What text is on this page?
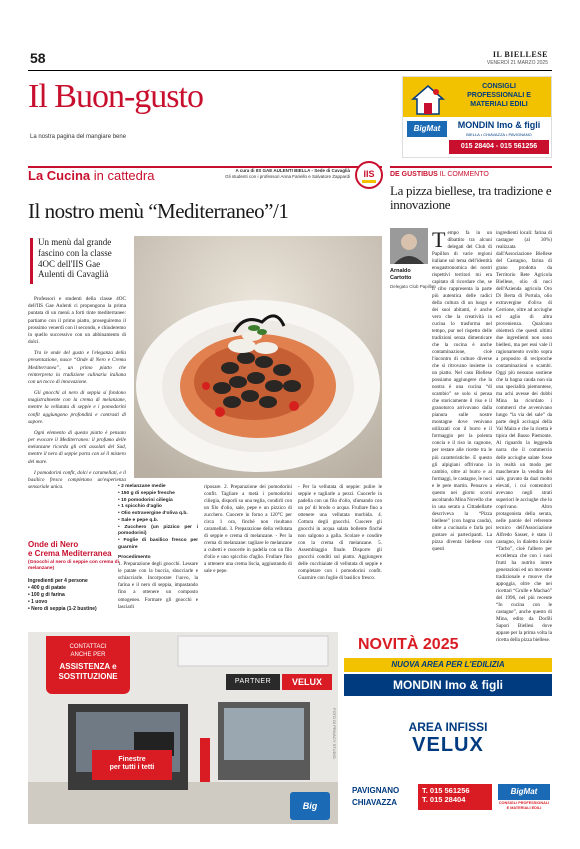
58	IL BIELLESE
VENERDÌ 21 MARZO 2025
Il Buon-gusto
La nostra pagina del mangiare bene
CONSIGLI
PROFESSIONALI E
MATERIALI EDILI
BigMat	MONDIN Imo & figli
BIELLA • CHIAVAZZA • PAVIGNANO
015 28404 - 015 561256
La Cucina in cattedra	A cura di IIS GAE AULENTI BIELLA - Sede di Cavaglià
Gli studenti con i professori Anna Fariello e Salvatore Zappardi IIS
Il nostro menù “Mediterraneo”/1
Un menù dal grande fascino con la classe 4OC dell'IIS Gae Aulenti di Cavaglià

Professori e studenti della classe 4OC dell'IIS Gae Aulenti ci propongono la prima puntata di un menù a forti tinte mediterranee: partiamo con il primo piatto, proseguiremo il prossimo venerdì con il secondo, e chiuderemo in quello successivo con un abbinamento di dolci.

Tra le onde del gusto e l'eleganza della presentazione, nasce “Onde di Nero e Crema Mediterranea”, un primo piatto che reinterpreta la tradizione culinaria italiana con un tocco di innovazione.

Gli gnocchi al nero di seppia si fondono magistralmente con la crema di melanzane, mentre la vellutata di seppie e i pomodorini confit aggiungono profondità e contrasti di sapore.

Ogni elemento di questo piatto è pensato per evocare il Mediterraneo: il profumo delle melanzane ricorda gli orti assolati del Sud, mentre il nero di seppie porta con sé il mistero del mare.

I pomodorini confit, dolci e caramellati, e il basilico fresco completano un'esperienza sensoriale unica.

Onde di Nero
e Crema Mediterranea
(Gnocchi al nero di seppie con crema di melanzane)
Ingredienti per 4 persone
• 400 g di patate
• 100 g di farina
• 1 uovo
• Nero di seppia (1-2 bustine)
• 2 melanzane medie
• 150 g di seppie fresche
• 10 pomodorini ciliegia
• 1 spicchio d'aglio
• Olio extravergine d'oliva q.b.
• Sale e pepe q.b.
• Zucchero (un pizzico per i pomodorini)
• Foglie di basilico fresco per guarnire
Procedimento
1. Preparazione degli gnocchi. Lessare le patate con la buccia, sbucciarle e schiacciarle. Incorporare l'uovo, la farina e il nero di seppia, impastando fino a ottenere un composto omogeneo. Formare gli gnocchi e lasciarli
riposare. 2. Preparazione dei pomodorini confit. Tagliare a metà i pomodorini ciliegia, disporli su una teglia, condirli con un filo d'olio, sale, pepe e un pizzico di zucchero. Cuocere in forno a 120°C per circa 1 ora, finché non risultano caramellati. 3. Preparazione della vellutata di seppie e crema di melanzane. - Per la crema di melanzane: tagliare le melanzane a cubetti e cuocerle in padella con un filo d'olio e uno spicchio d'aglio. Frullare fino a ottenere una crema liscia, aggiustando di sale e pepe.
- Per la vellutata di seppie: pulire le seppie e tagliarle a pezzi. Cuocerle in padella con un filo d'olio, sfumando con un po' di brodo o acqua. Frullare fino a ottenere una vellutata morbida. 4. Cottura degli gnocchi. Cuocere gli gnocchi in acqua salata bollente finché non salgono a galla. Scolare e condire con la crema di melanzane. 5. Assemblaggio finale. Disporre gli gnocchi conditi sul piatto. Aggiungere delle cucchiaiate di vellutata di seppie e completare con i pomodorini confit. Guarnire con foglie di basilico fresco.
DE GUSTIBUS IL COMMENTO
La pizza biellese, tra tradizione e innovazione
Arnaldo
Cartotto
Delegato Club Papillon
T empo fa in un dibattito tra alcuni delegati del Club di Papillon di varie regioni italiane sul tema dell'identità enogastronomica dei nostri rispettivi territori mi era capitato di ricordare che, se il cibo rappresenta la parte più autentica delle radici della cultura di un luogo e dei suoi abitanti, è anche vero che la creatività in cucina lo trasforma nel tempo, pur nel rispetto delle tradizioni senza dimenticare che la cucina è anche contaminazione, cioè l'incontro di culture diverse che si ritrovano insieme in un piatto. Nel caso Biellese possiamo aggiungere che la nostra è una cucina “di scambio” se solo si pensa che storicamente il riso e il granoturco arrivavano dalla pianura sulle nostre montagne dove venivano utilizzati con il burro e il formaggio per la polenta concia e il riso in cagnone, per restare alle ricette tra le più caratteristiche. E questo gli alpigiani offrivano in cambio, oltre al burro e ai formaggi, le castagne, le noci e le pere martin. Pensavo a questo nei giorni scorsi ascoltando Mina Novello che in una serata a Cittadellarte descriveva la “Pizza biellese” (con bagna cauda), oltre a cucinarla e farla poi gustare ai partecipanti. La pizza diventa biellese con questi
ingredienti locali: farina di castagne (al 30%) realizzata dall'Associazione Biellese del Castagno, farina di grano prodotta da Territorio Rete Agricola Biellese, olio di noci dell'Azienda agricola Oro Di Berta di Portula, olio extravergine d'oliva di Cerrione, oltre ad acciughe ed aglio di altra provenienza. Qualcuno obietterà che questi ultimi due ingredienti non sono biellesi, ma per essi vale il ragionamento svolto sopra a proposito di reciproche contaminazioni o scambi. Oggi più nessuno sostiene che la bagna cauda non sia una specialità piemontese, ma achi avesse dei dubbi Mina ha ricordato i commerci che avvenivano lungo “la via del sale” da parte degli acciugai della Val Maira e che la ricetta è tipica del Basso Piemonte. Al riguardo la leggenda narra che il commercio delle acciughe salate fosse in realtà un modo per mascherare la vendita del sale, gravato da dazi molto elevati, i cui contenitori avevano negli strati superiori le acciughe che lo coprivano. Altro protagonista della serata, nelle parole del referente tecnico dell'Associazione Alfredo Sasser, è stato il castagno, in dialetto locale “Tarbo”, cioè l'albero per eccellenza che con i suoi frutti ha nutrito intere generazioni ed un movente tradizionale e muove che appoggia, oltre che nei ricettari “Grulle e Machaò” del 1996, nel più recente “In cucina con le castagne”, anche questo di Mina, edito da DocBi Sapori Biellesi dove appare per la prima volta la ricetta della pizza biellese.
CONTATTACI
ANCHE PER
ASSISTENZA e
SOSTITUZIONE
PARTNER	VELUX
Finestre
per tutti i tetti
Big
FOTO DI PRIVACY STUDIO
NOVITÀ 2025
NUOVA AREA PER L'EDILIZIA
MONDIN Imo & figli
AREA INFISSI
VELUX
PAVIGNANO
CHIAVAZZA
T. 015 561256
T. 015 28404
BigMat
CONSIGLI PROFESSIONALI E MATERIALI EDILI
